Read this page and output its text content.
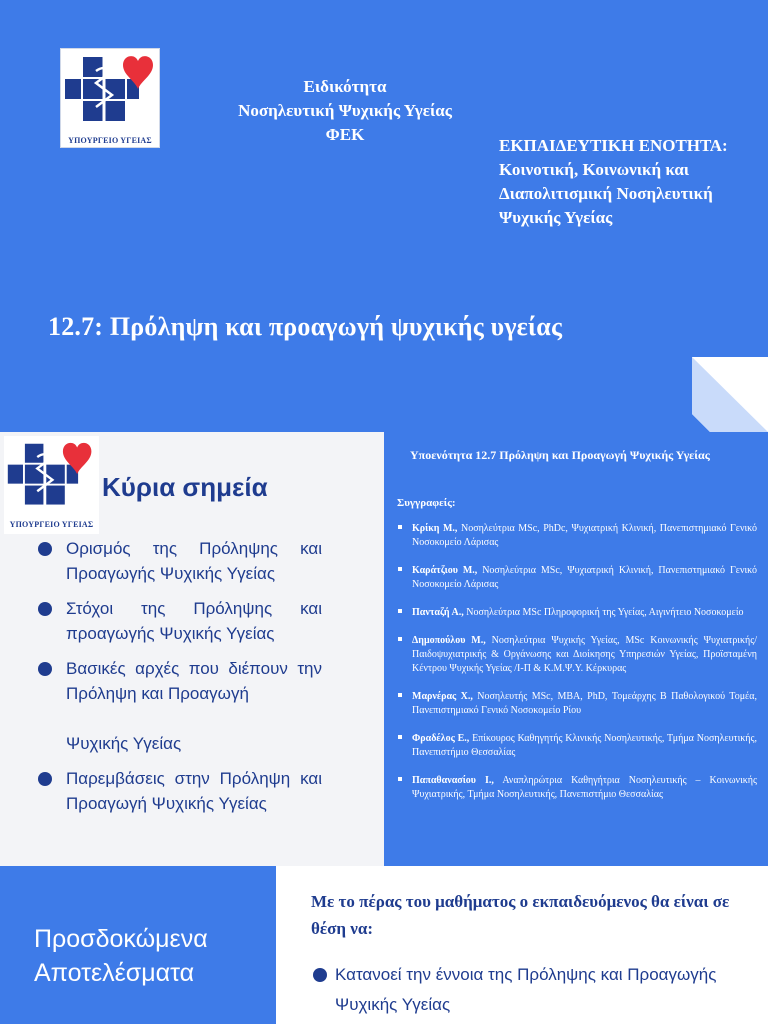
ΥΠΟΥΡΓΕΙΟ ΥΓΕΙΑΣ
Ειδικότητα
Νοσηλευτική Ψυχικής Υγείας
ΦΕΚ
ΕΚΠΑΙΔΕΥΤΙΚΗ ΕΝΟΤΗΤΑ: Κοινοτική, Κοινωνική και Διαπολιτισμική Νοσηλευτική Ψυχικής Υγείας
12.7: Πρόληψη και προαγωγή ψυχικής υγείας
ΥΠΟΥΡΓΕΙΟ ΥΓΕΙΑΣ
Κύρια σημεία
Ορισμός της Πρόληψης και Προαγωγής Ψυχικής Υγείας
Στόχοι της Πρόληψης και προαγωγής Ψυχικής Υγείας
Βασικές αρχές που διέπουν την Πρόληψη και Προαγωγή
Ψυχικής Υγείας
Παρεμβάσεις στην Πρόληψη και Προαγωγή Ψυχικής Υγείας
Υποενότητα 12.7 Πρόληψη και Προαγωγή Ψυχικής Υγείας
Συγγραφείς:
Κρίκη Μ., Νοσηλεύτρια MSc, PhDc, Ψυχιατρική Κλινική, Πανεπιστημιακό Γενικό Νοσοκομείο Λάρισας
Καράτζιου Μ., Νοσηλεύτρια MSc, Ψυχιατρική Κλινική, Πανεπιστημιακό Γενικό Νοσοκομείο Λάρισας
Πανταζή Α., Νοσηλεύτρια MSc Πληροφορική της Υγείας, Αιγινήτειο Νοσοκομείο
Δημοπούλου Μ., Νοσηλεύτρια Ψυχικής Υγείας, MSc Κοινωνικής Ψυχιατρικής/Παιδοψυχιατρικής & Οργάνωσης και Διοίκησης Υπηρεσιών Υγείας, Προϊσταμένη Κέντρου Ψυχικής Υγείας /Ι-Π & Κ.Μ.Ψ.Υ. Κέρκυρας
Μαρνέρας Χ., Νοσηλευτής MSc, MBA, PhD, Τομεάρχης Β Παθολογικού Τομέα, Πανεπιστημιακό Γενικό Νοσοκομείο Ρίου
Φραδέλος Ε., Επίκουρος Καθηγητής Κλινικής Νοσηλευτικής, Τμήμα Νοσηλευτικής, Πανεπιστήμιο Θεσσαλίας
Παπαθανασίου Ι., Αναπληρώτρια Καθηγήτρια Νοσηλευτικής – Κοινωνικής Ψυχιατρικής, Τμήμα Νοσηλευτικής, Πανεπιστήμιο Θεσσαλίας
Προσδοκώμενα Αποτελέσματα
Με το πέρας του μαθήματος ο εκπαιδευόμενος θα είναι σε θέση να:
Κατανοεί την έννοια της Πρόληψης και Προαγωγής Ψυχικής Υγείας
